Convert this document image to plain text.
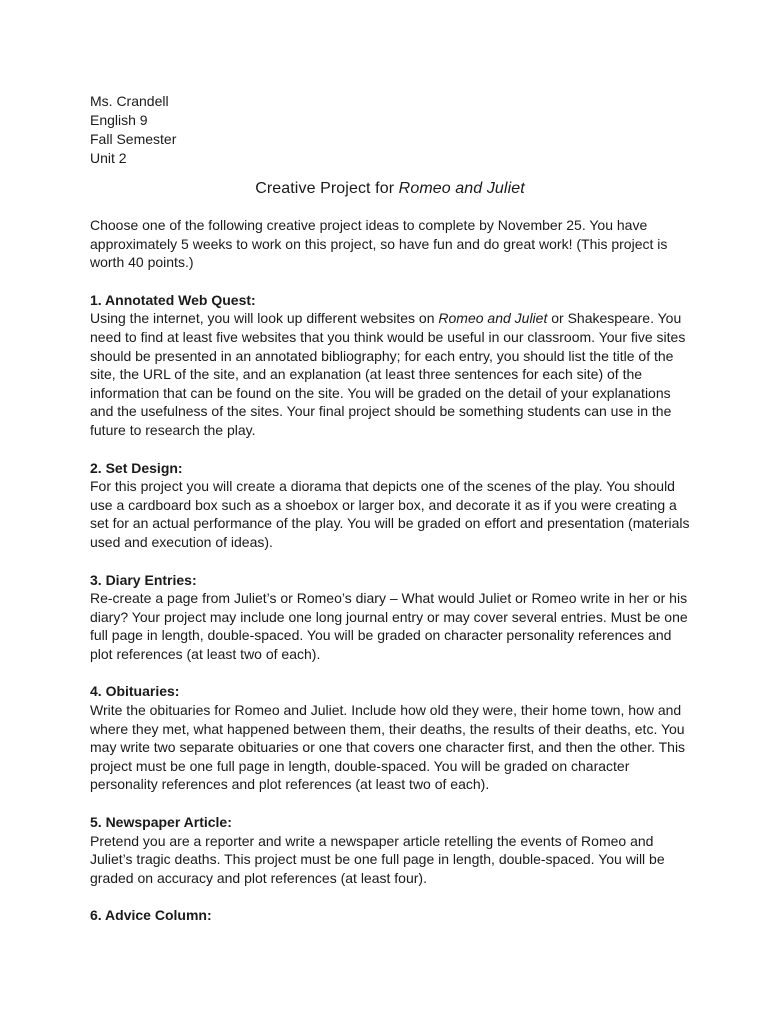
Ms. Crandell

English 9

Fall Semester

Unit 2

Creative Project for Romeo and Juliet

Choose one of the following creative project ideas to complete by November 25. You have approximately 5 weeks to work on this project, so have fun and do great work! (This project is worth 40 points.)

1. Annotated Web Quest:

Using the internet, you will look up different websites on Romeo and Juliet or Shakespeare. You need to find at least five websites that you think would be useful in our classroom. Your five sites should be presented in an annotated bibliography; for each entry, you should list the title of the site, the URL of the site, and an explanation (at least three sentences for each site) of the information that can be found on the site. You will be graded on the detail of your explanations and the usefulness of the sites. Your final project should be something students can use in the future to research the play.

2. Set Design:

For this project you will create a diorama that depicts one of the scenes of the play. You should use a cardboard box such as a shoebox or larger box, and decorate it as if you were creating a set for an actual performance of the play. You will be graded on effort and presentation (materials used and execution of ideas).

3. Diary Entries:

Re-create a page from Juliet’s or Romeo’s diary – What would Juliet or Romeo write in her or his diary? Your project may include one long journal entry or may cover several entries. Must be one full page in length, double-spaced. You will be graded on character personality references and plot references (at least two of each).

4. Obituaries:

Write the obituaries for Romeo and Juliet. Include how old they were, their home town, how and where they met, what happened between them, their deaths, the results of their deaths, etc. You may write two separate obituaries or one that covers one character first, and then the other. This project must be one full page in length, double-spaced. You will be graded on character personality references and plot references (at least two of each).

5. Newspaper Article:

Pretend you are a reporter and write a newspaper article retelling the events of Romeo and Juliet’s tragic deaths. This project must be one full page in length, double-spaced. You will be graded on accuracy and plot references (at least four).

6. Advice Column:
